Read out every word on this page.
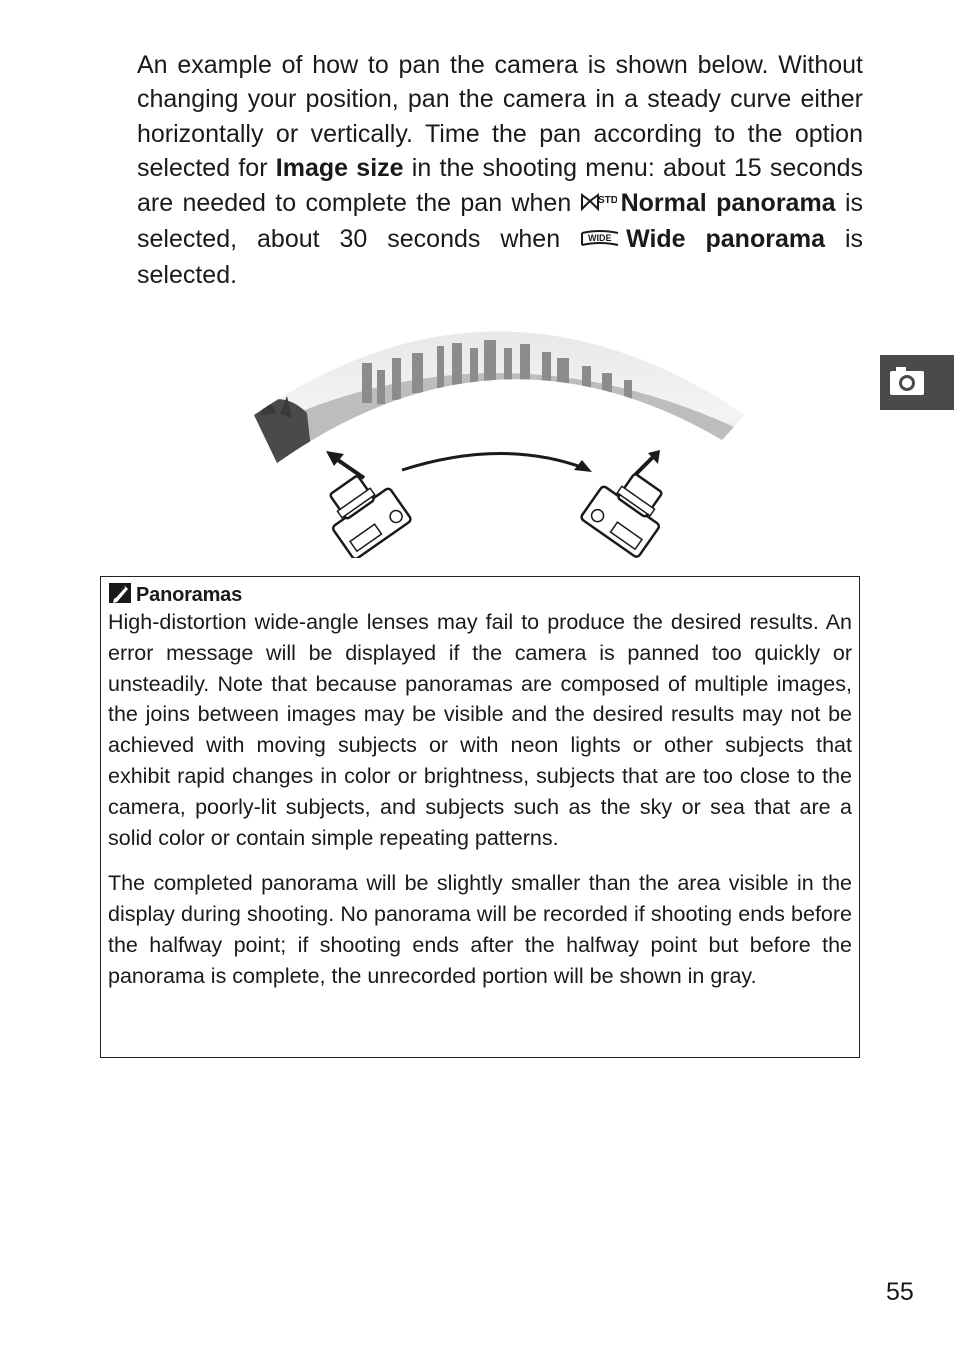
An example of how to pan the camera is shown below. Without changing your position, pan the camera in a steady curve either horizontally or vertically. Time the pan according to the option selected for Image size in the shooting menu: about 15 seconds are needed to complete the pan when STD Normal panorama is selected, about 30 seconds when WIDE Wide panorama is selected.

Panoramas

High-distortion wide-angle lenses may fail to produce the desired results. An error message will be displayed if the camera is panned too quickly or unsteadily. Note that because panoramas are composed of multiple images, the joins between images may be visible and the desired results may not be achieved with moving subjects or with neon lights or other subjects that exhibit rapid changes in color or brightness, subjects that are too close to the camera, poorly-lit subjects, and subjects such as the sky or sea that are a solid color or contain simple repeating patterns.

The completed panorama will be slightly smaller than the area visible in the display during shooting. No panorama will be recorded if shooting ends before the halfway point; if shooting ends after the halfway point but before the panorama is complete, the unrecorded portion will be shown in gray.

55
